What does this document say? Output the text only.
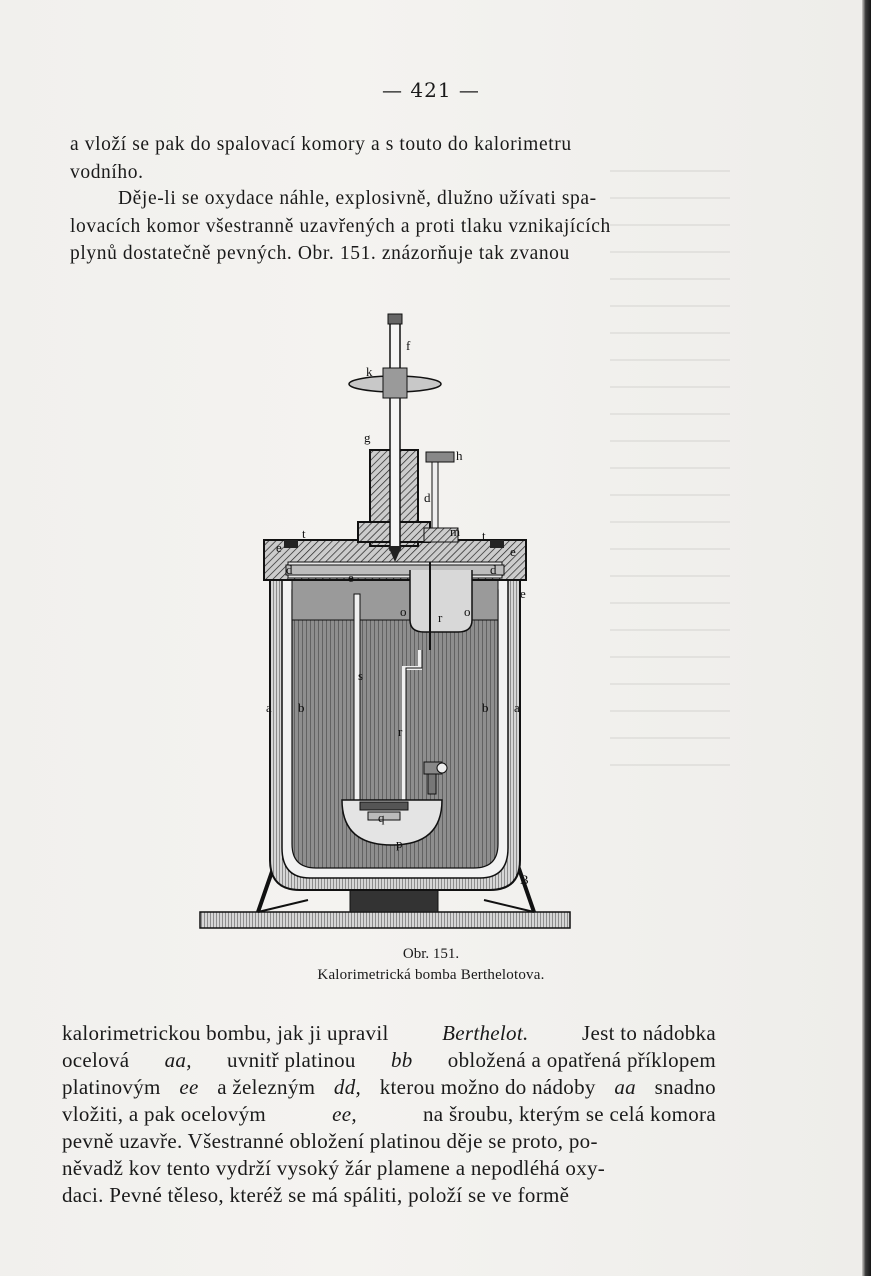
— 421 —
a vloží se pak do spalovací komory a s touto do kalorimetru
vodního.
Děje-li se oxydace náhle, explosivně, dlužno užívati spa-
lovacích komor všestranně uzavřených a proti tlaku vznikajících
plynů dostatečně pevných. Obr. 151. znázorňuje tak zvanou
f
k
g
h
d
m
t	t
e	e
d	d
e
e
o	o
r
s
a b	b a
r
q
p
B
Obr. 151.
Kalorimetrická bomba Berthelotova.
kalorimetrickou bombu, jak ji upravil	Berthelot.	Jest to nádobka
ocelová aa, uvnitř platinou bb obložená a opatřená příklopem
platinovým ee a železným dd, kterou možno do nádoby aa snadno
vložiti, a pak ocelovým	ee,	na šroubu, kterým se celá komora
pevně uzavře. Všestranné obložení platinou děje se proto, po-
něvadž kov tento vydrží vysoký žár plamene a nepodléhá oxy-
daci. Pevné těleso, kteréž se má spáliti, položí se ve formě
